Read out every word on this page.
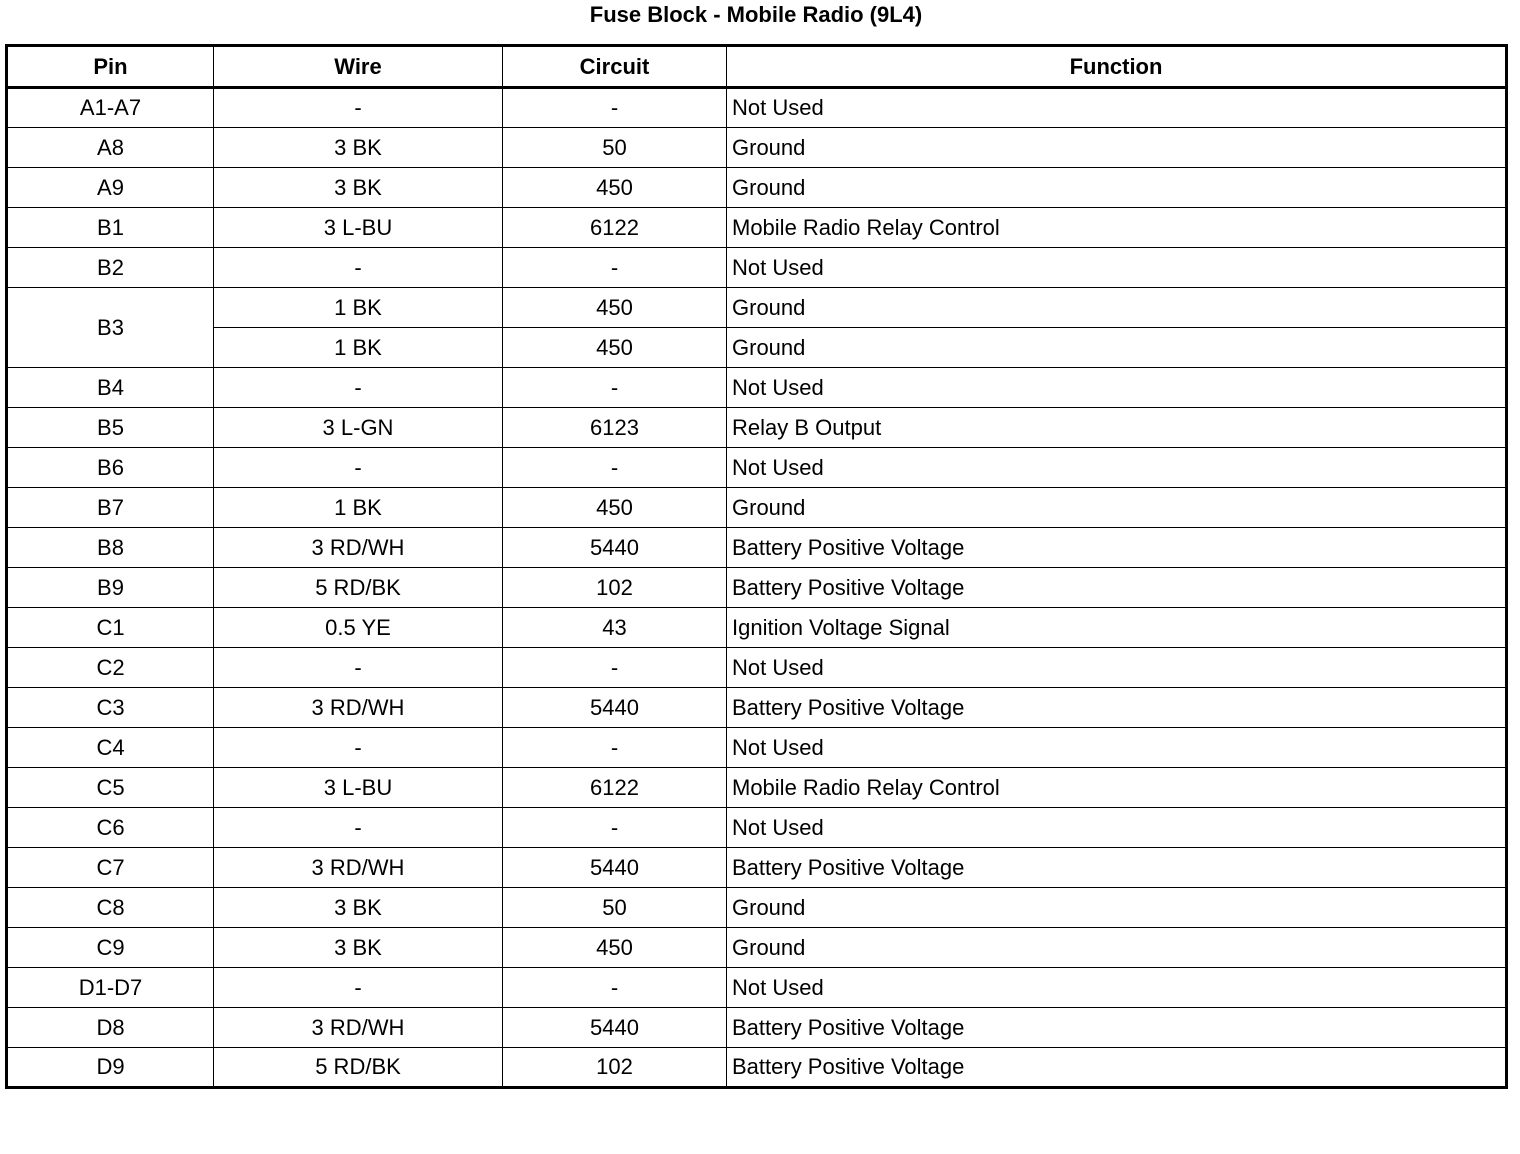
Fuse Block - Mobile Radio (9L4)
Pin	Wire	Circuit	Function
A1-A7	-	-	Not Used
A8	3 BK	50	Ground
A9	3 BK	450	Ground
B1	3 L-BU	6122	Mobile Radio Relay Control
B2	-	-	Not Used
B3	1 BK	450	Ground
	1 BK	450	Ground
B4	-	-	Not Used
B5	3 L-GN	6123	Relay B Output
B6	-	-	Not Used
B7	1 BK	450	Ground
B8	3 RD/WH	5440	Battery Positive Voltage
B9	5 RD/BK	102	Battery Positive Voltage
C1	0.5 YE	43	Ignition Voltage Signal
C2	-	-	Not Used
C3	3 RD/WH	5440	Battery Positive Voltage
C4	-	-	Not Used
C5	3 L-BU	6122	Mobile Radio Relay Control
C6	-	-	Not Used
C7	3 RD/WH	5440	Battery Positive Voltage
C8	3 BK	50	Ground
C9	3 BK	450	Ground
D1-D7	-	-	Not Used
D8	3 RD/WH	5440	Battery Positive Voltage
D9	5 RD/BK	102	Battery Positive Voltage
